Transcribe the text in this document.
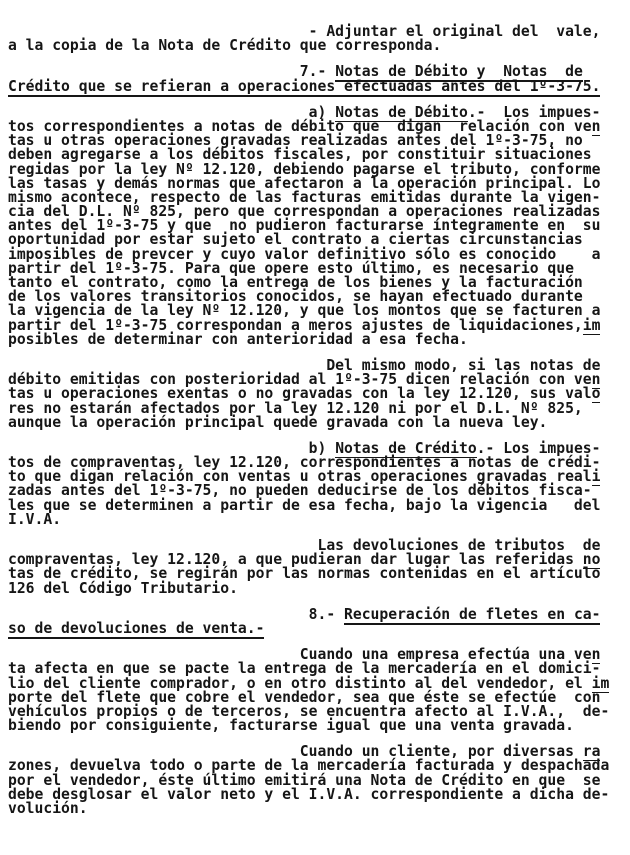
- Adjuntar el original del  vale,
a la copia de la Nota de Crédito que corresponda.
7.- Notas de Débito y  Notas  de
Crédito que se refieran a operaciones efectuadas antes del 1º-3-75.
a) Notas de Débito.-  Los impues-
tos correspondientes a notas de débito que  digan  relación con ven
tas u otras operaciones gravadas realizadas antes del 1º-3-75, no
deben agregarse a los débitos fiscales, por constituir situaciones
regidas por la ley Nº 12.120, debiendo pagarse el tributo, conforme
las tasas y demás normas que afectaron a la operación principal. Lo
mismo acontece, respecto de las facturas emitidas durante la vigen-
cia del D.L. Nº 825, pero que correspondan a operaciones realizadas
antes del 1º-3-75 y que  no pudieron facturarse íntegramente en  su
oportunidad por estar sujeto el contrato a ciertas circunstancias
imposibles de prevcer y cuyo valor definitivo sólo es conocido    a
partir del 1º-3-75. Para que opere esto último, es necesario que
tanto el contrato, como la entrega de los bienes y la facturación
de los valores transitorios conocidos, se hayan efectuado durante
la vigencia de la ley Nº 12.120, y que los montos que se facturen a
partir del 1º-3-75 correspondan a meros ajustes de liquidaciones,im
posibles de determinar con anterioridad a esa fecha.
Del mismo modo, si las notas de
débito emitidas con posterioridad al 1º-3-75 dicen relación con ven
tas u operaciones exentas o no gravadas con la ley 12.120, sus valo
res no estarán afectados por la ley 12.120 ni por el D.L. Nº 825,
aunque la operación principal quede gravada con la nueva ley.
b) Notas de Crédito.- Los impues-
tos de compraventas, ley 12.120, correspondientes a notas de crédi-
to que digan relación con ventas u otras operaciones gravadas reali
zadas antes del 1º-3-75, no pueden deducirse de los débitos fisca-
les que se determinen a partir de esa fecha, bajo la vigencia   del
I.V.A.
Las devoluciones de tributos  de
compraventas, ley 12.120, a que pudieran dar lugar las referidas no
tas de crédito, se regirán por las normas contenidas en el artículo
126 del Código Tributario.
8.- Recuperación de fletes en ca-
so de devoluciones de venta.-
Cuando una empresa efectúa una ven
ta afecta en que se pacte la entrega de la mercadería en el domici-
lio del cliente comprador, o en otro distinto al del vendedor, el im
porte del flete que cobre el vendedor, sea que éste se efectúe  con
vehículos propios o de terceros, se encuentra afecto al I.V.A.,  de-
biendo por consiguiente, facturarse igual que una venta gravada.
Cuando un cliente, por diversas ra
zones, devuelva todo o parte de la mercadería facturada y despachada
por el vendedor, éste último emitirá una Nota de Crédito en que  se
debe desglosar el valor neto y el I.V.A. correspondiente a dicha de-
volución.
